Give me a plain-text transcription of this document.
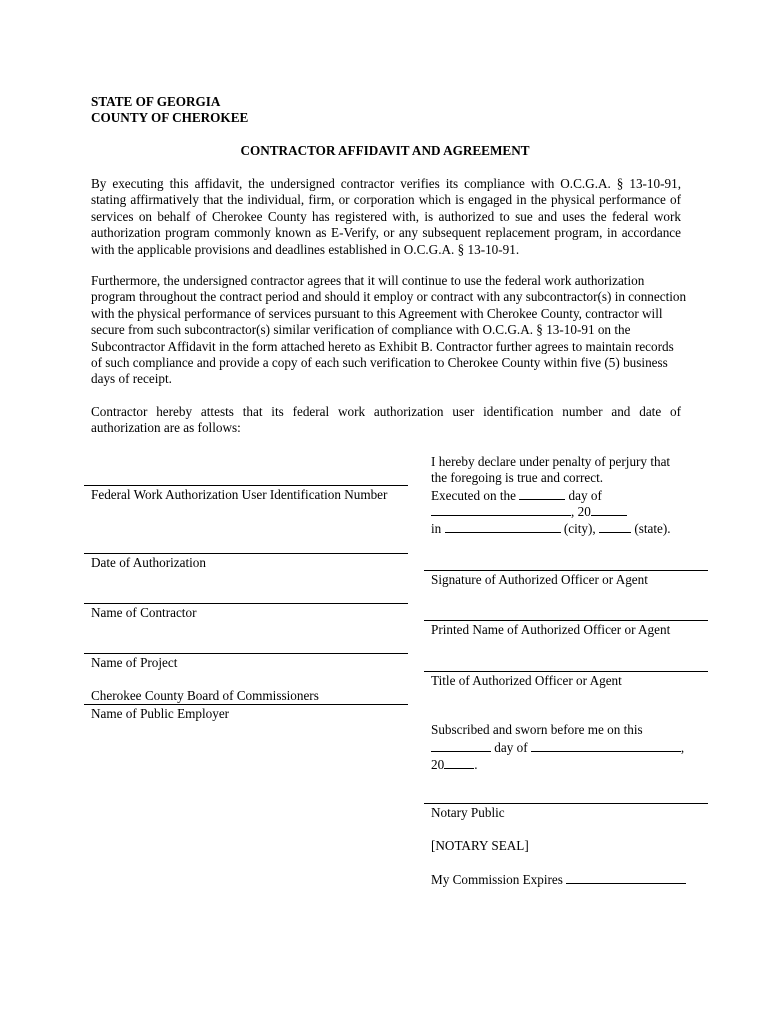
STATE OF GEORGIA
COUNTY OF CHEROKEE
CONTRACTOR AFFIDAVIT AND AGREEMENT
By executing this affidavit, the undersigned contractor verifies its compliance with O.C.G.A. § 13-10-91, stating affirmatively that the individual, firm, or corporation which is engaged in the physical performance of services on behalf of Cherokee County has registered with, is authorized to sue and uses the federal work authorization program commonly known as E-Verify, or any subsequent replacement program, in accordance with the applicable provisions and deadlines established in O.C.G.A. § 13-10-91.
Furthermore, the undersigned contractor agrees that it will continue to use the federal work authorization program throughout the contract period and should it employ or contract with any subcontractor(s) in connection with the physical performance of services pursuant to this Agreement with Cherokee County, contractor will secure from such subcontractor(s) similar verification of compliance with O.C.G.A. § 13-10-91 on the Subcontractor Affidavit in the form attached hereto as Exhibit B. Contractor further agrees to maintain records of such compliance and provide a copy of each such verification to Cherokee County within five (5) business days of receipt.
Contractor hereby attests that its federal work authorization user identification number and date of authorization are as follows:
Federal Work Authorization User Identification Number
Date of Authorization
Name of Contractor
Name of Project
Cherokee County Board of Commissioners
Name of Public Employer
I hereby declare under penalty of perjury that
the foregoing is true and correct.
Executed on the	day of
, 20
in	(city),	(state).
Signature of Authorized Officer or Agent
Printed Name of Authorized Officer or Agent
Title of Authorized Officer or Agent
Subscribed and sworn before me on this
day of	,
20 .
Notary Public
[NOTARY SEAL]
My Commission Expires
